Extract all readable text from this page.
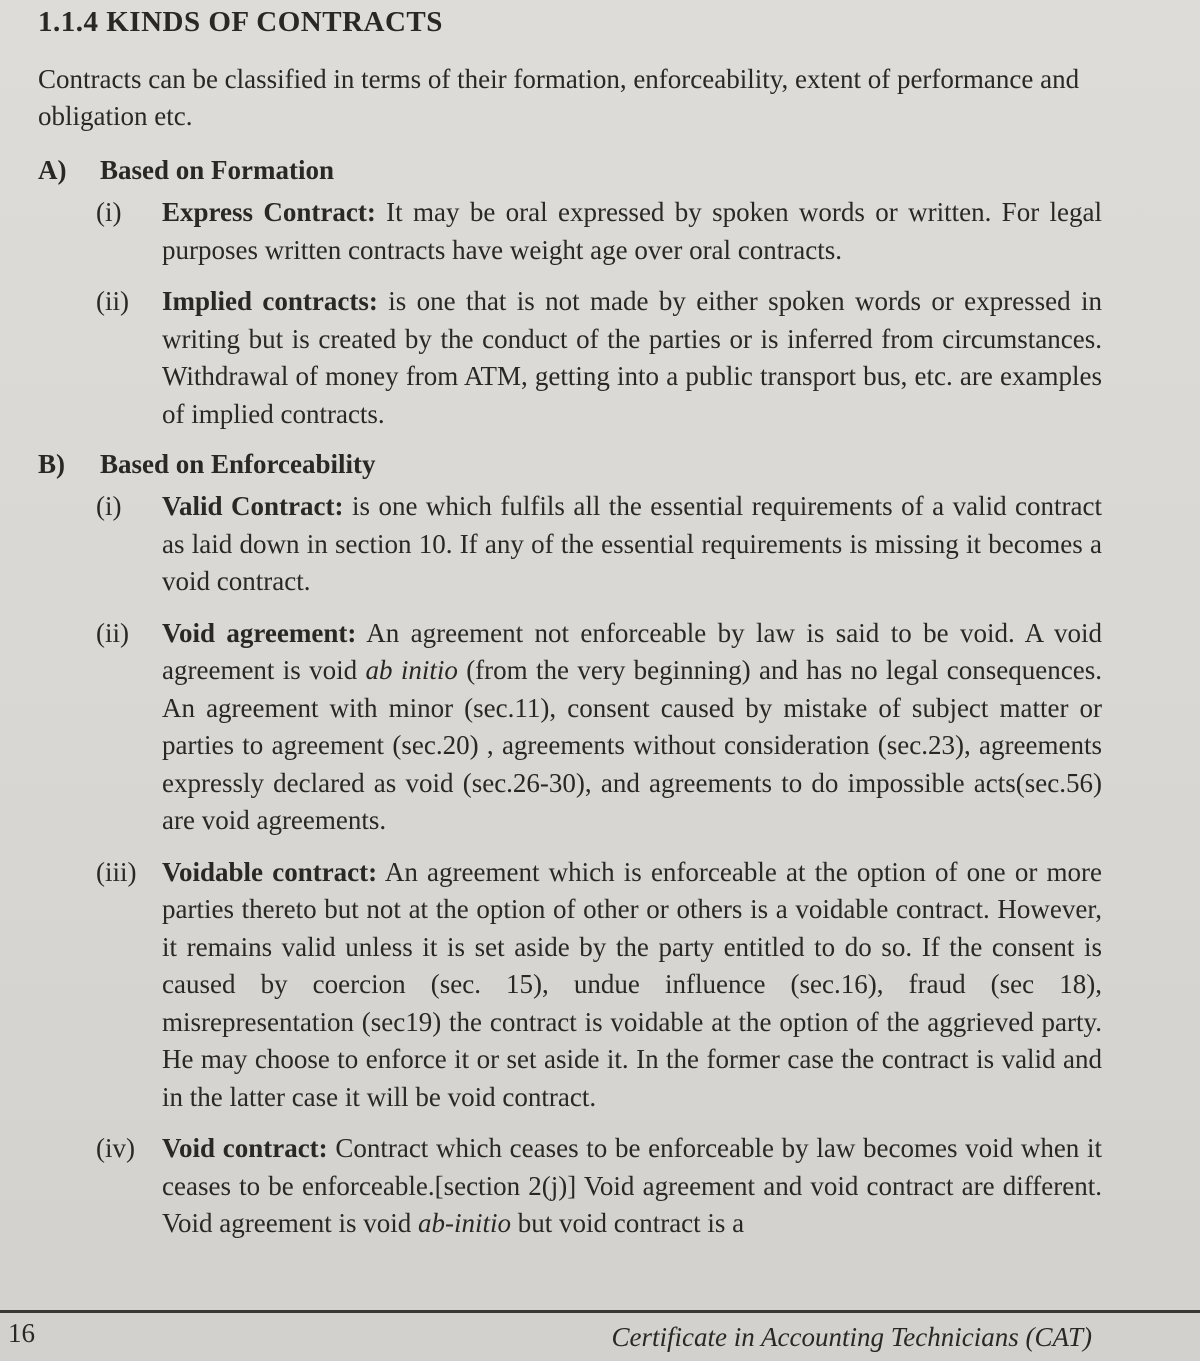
1.1.4 KINDS OF CONTRACTS
Contracts can be classified in terms of their formation, enforceability, extent of performance and obligation etc.
A)	Based on Formation
(i)	Express Contract: It may be oral expressed by spoken words or written. For legal purposes written contracts have weight age over oral contracts.
(ii)	Implied contracts: is one that is not made by either spoken words or expressed in writing but is created by the conduct of the parties or is inferred from circumstances. Withdrawal of money from ATM, getting into a public transport bus, etc. are examples of implied contracts.
B)	Based on Enforceability
(i)	Valid Contract: is one which fulfils all the essential requirements of a valid contract as laid down in section 10. If any of the essential requirements is missing it becomes a void contract.
(ii)	Void agreement: An agreement not enforceable by law is said to be void. A void agreement is void ab initio (from the very beginning) and has no legal consequences. An agreement with minor (sec.11), consent caused by mistake of subject matter or parties to agreement (sec.20) , agreements without consideration (sec.23), agreements expressly declared as void (sec.26-30), and agreements to do impossible acts(sec.56) are void agreements.
(iii) Voidable contract: An agreement which is enforceable at the option of one or more parties thereto but not at the option of other or others is a voidable contract. However, it remains valid unless it is set aside by the party entitled to do so. If the consent is caused by coercion (sec. 15), undue influence (sec.16), fraud (sec 18), misrepresentation (sec19) the contract is voidable at the option of the aggrieved party. He may choose to enforce it or set aside it. In the former case the contract is valid and in the latter case it will be void contract.
(iv)	Void contract: Contract which ceases to be enforceable by law becomes void when it ceases to be enforceable.[section 2(j)] Void agreement and void contract are different. Void agreement is void ab-initio but void contract is a
16	Certificate in Accounting Technicians (CAT)
